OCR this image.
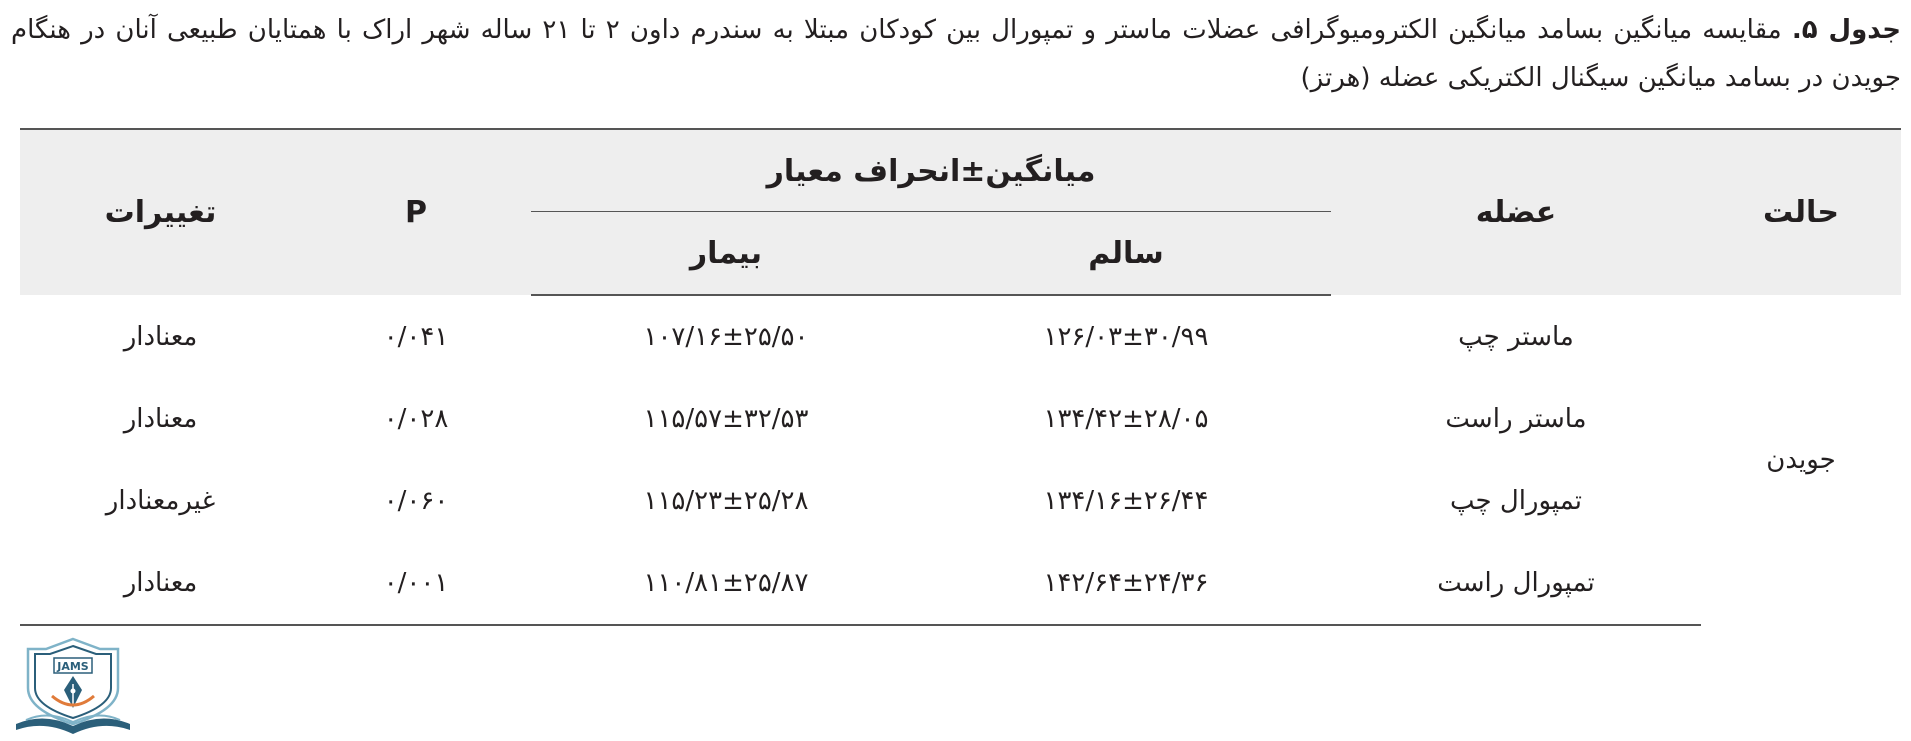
جدول ۵. مقایسه میانگین بسامد میانگین الکترومیوگرافی عضلات ماستر و تمپورال بین کودکان مبتلا به سندرم داون ۲ تا ۲۱ ساله شهر اراک با همتایان طبیعی آنان در هنگام جویدن در بسامد میانگین سیگنال الکتریکی عضله (هرتز)
حالت	عضله	میانگین±انحراف معیار		P	تغییرات
		سالم	بیمار		
جویدن	ماستر چپ	۱۲۶/۰۳±۳۰/۹۹	۱۰۷/۱۶±۲۵/۵۰	۰/۰۴۱	معنادار
	ماستر راست	۱۳۴/۴۲±۲۸/۰۵	۱۱۵/۵۷±۳۲/۵۳	۰/۰۲۸	معنادار
	تمپورال چپ	۱۳۴/۱۶±۲۶/۴۴	۱۱۵/۲۳±۲۵/۲۸	۰/۰۶۰	غیرمعنادار
	تمپورال راست	۱۴۲/۶۴±۲۴/۳۶	۱۱۰/۸۱±۲۵/۸۷	۰/۰۰۱	معنادار
JAMS
